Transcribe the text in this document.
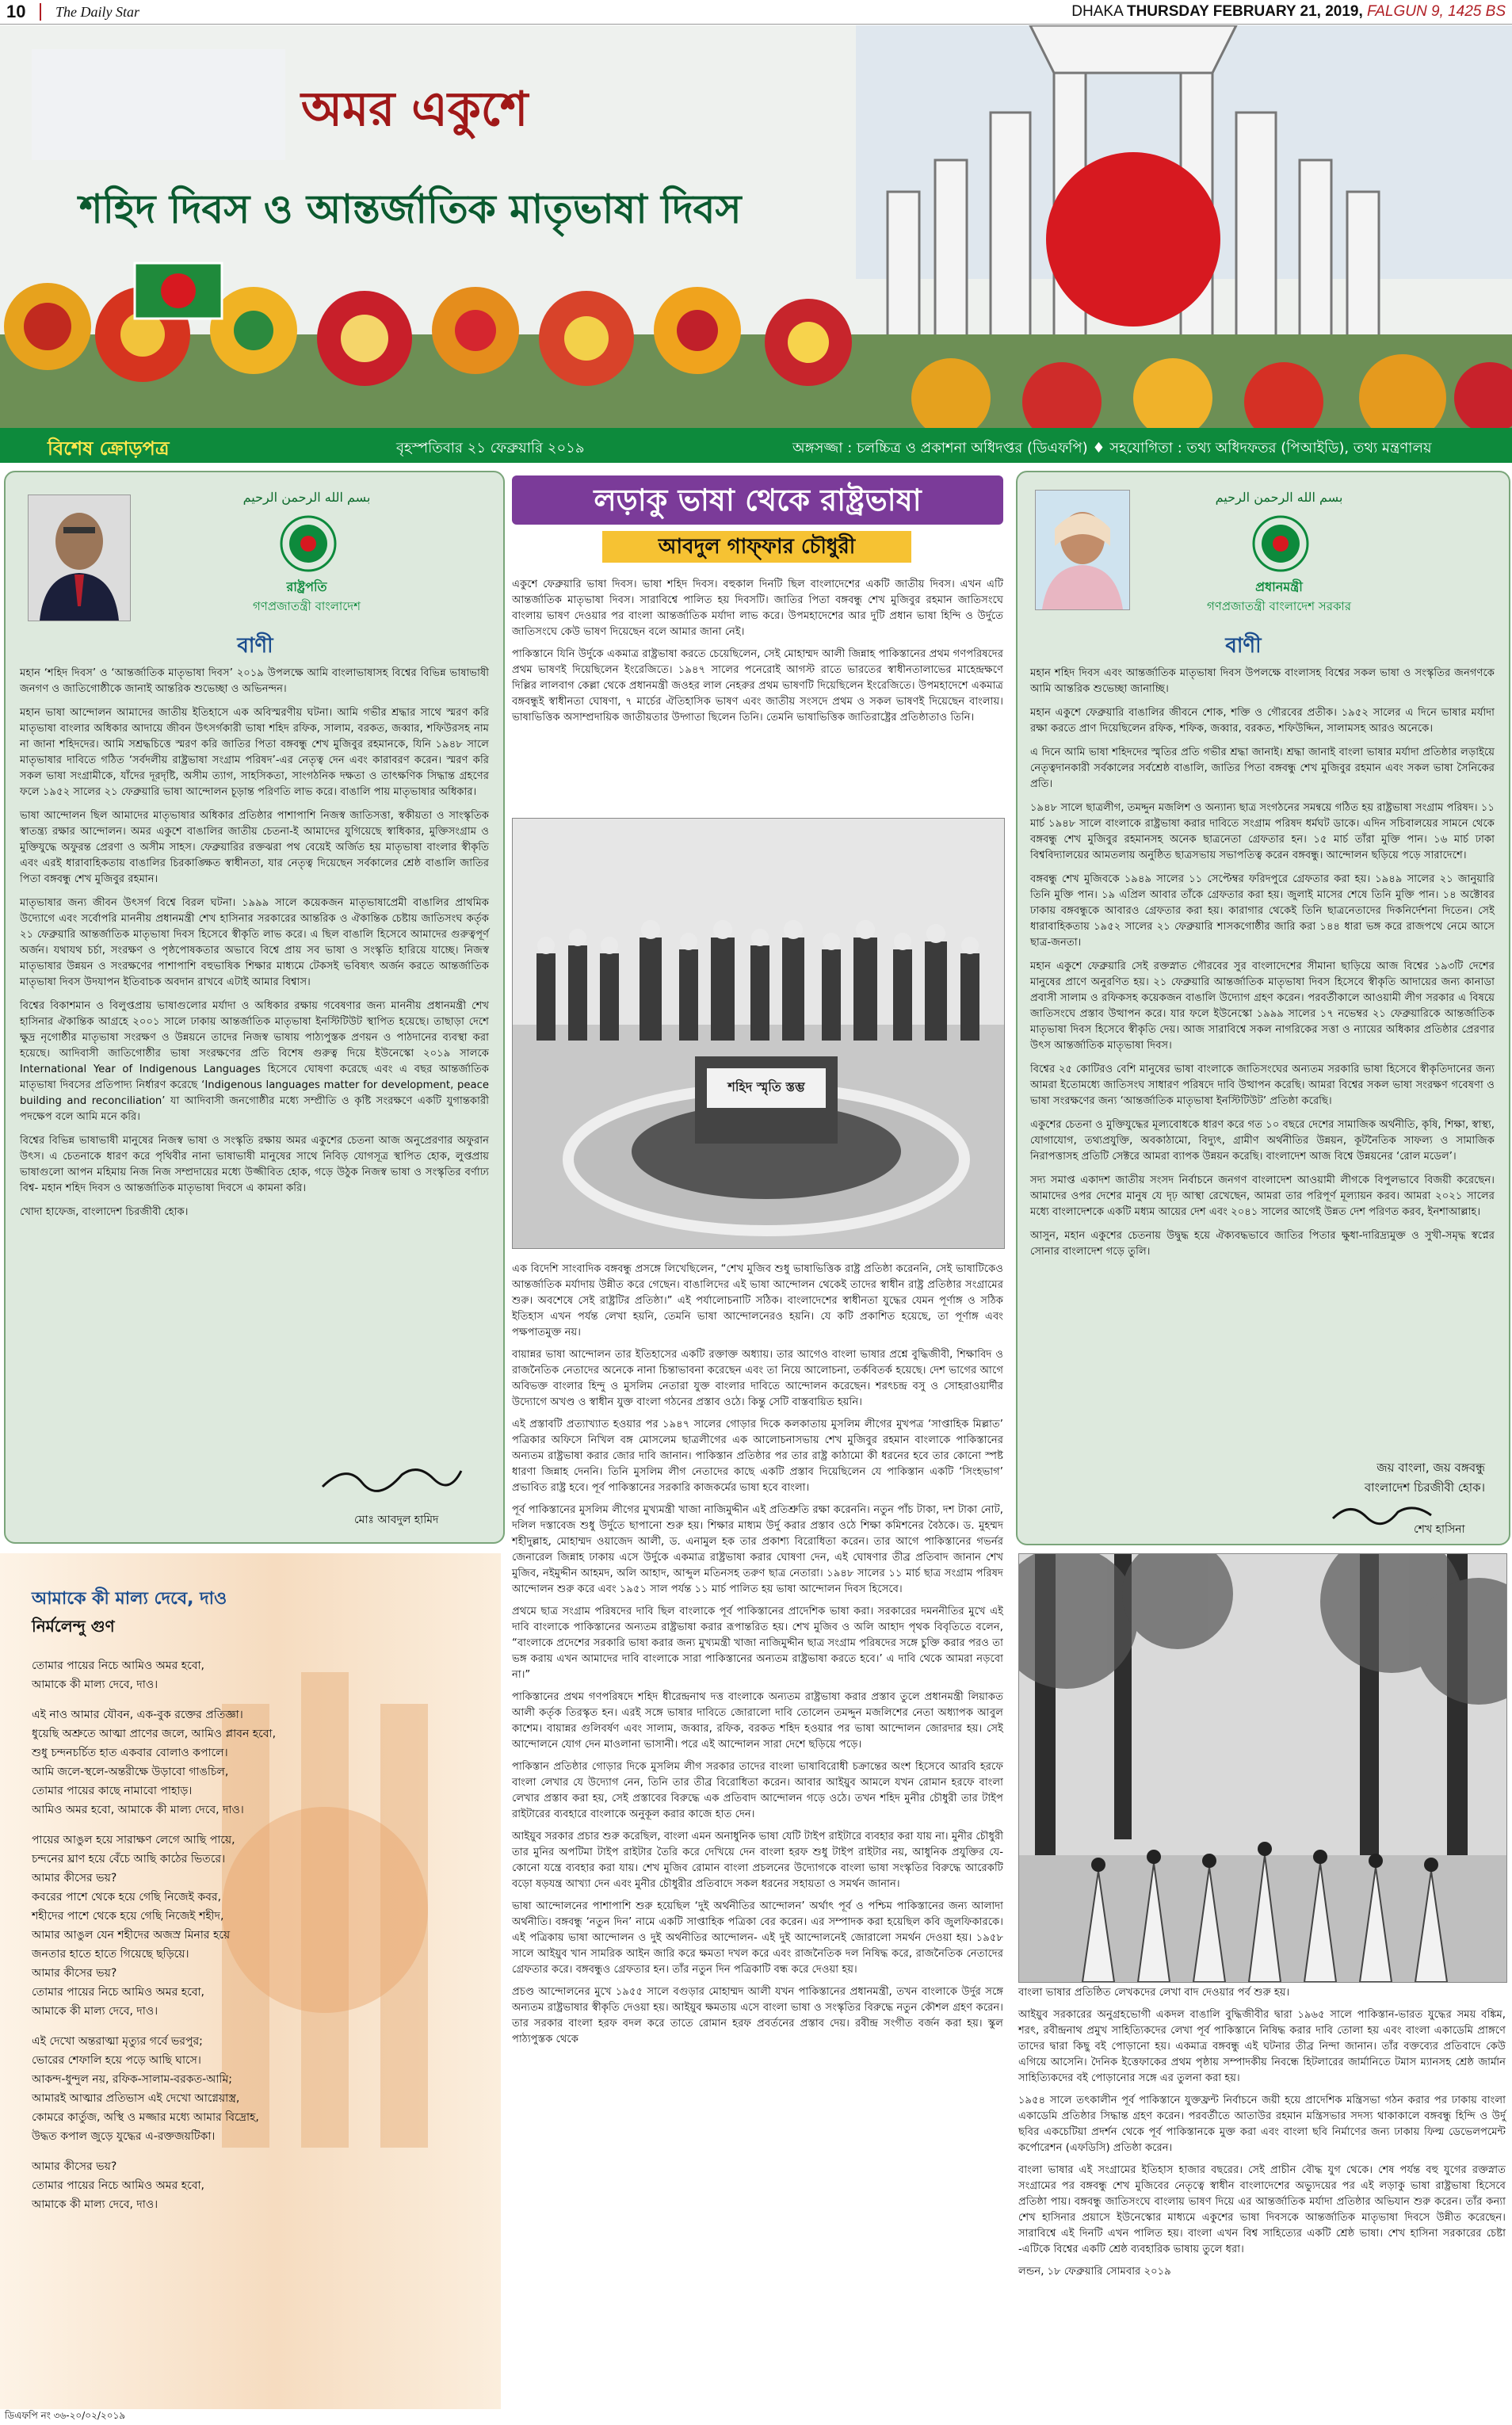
10 The Daily Star	DHAKA THURSDAY FEBRUARY 21, 2019, FALGUN 9, 1425 BS
অমর একুশে
শহিদ দিবস ও আন্তর্জাতিক মাতৃভাষা দিবস
বিশেষ ক্রোড়পত্র	বৃহস্পতিবার ২১ ফেব্রুয়ারি ২০১৯	অঙ্গসজ্জা : চলচ্চিত্র ও প্রকাশনা অধিদপ্তর (ডিএফপি) ♦ সহযোগিতা : তথ্য অধিদফতর (পিআইডি), তথ্য মন্ত্রণালয়
بسم الله الرحمن الرحيم
রাষ্ট্রপতি
গণপ্রজাতন্ত্রী বাংলাদেশ
বাণী

মহান ‘শহিদ দিবস’ ও ‘আন্তর্জাতিক মাতৃভাষা দিবস’ ২০১৯ উপলক্ষে আমি বাংলাভাষাসহ বিশ্বের বিভিন্ন ভাষাভাষী জনগণ ও জাতিগোষ্ঠীকে জানাই আন্তরিক শুভেচ্ছা ও অভিনন্দন।

মহান ভাষা আন্দোলন আমাদের জাতীয় ইতিহাসে এক অবিস্মরণীয় ঘটনা। আমি গভীর শ্রদ্ধার সাথে স্মরণ করি মাতৃভাষা বাংলার অধিকার আদায়ে জীবন উৎসর্গকারী ভাষা শহিদ রফিক, সালাম, বরকত, জব্বার, শফিউরসহ নাম না জানা শহিদদের। আমি সশ্রদ্ধচিত্তে স্মরণ করি জাতির পিতা বঙ্গবন্ধু শেখ মুজিবুর রহমানকে, যিনি ১৯৪৮ সালে মাতৃভাষার দাবিতে গঠিত ‘সর্বদলীয় রাষ্ট্রভাষা সংগ্রাম পরিষদ’-এর নেতৃত্ব দেন এবং কারাবরণ করেন। স্মরণ করি সকল ভাষা সংগ্রামীকে, যাঁদের দূরদৃষ্টি, অসীম ত্যাগ, সাহসিকতা, সাংগঠনিক দক্ষতা ও তাৎক্ষণিক সিদ্ধান্ত গ্রহণের ফলে ১৯৫২ সালের ২১ ফেব্রুয়ারি ভাষা আন্দোলন চূড়ান্ত পরিণতি লাভ করে। বাঙালি পায় মাতৃভাষার অধিকার।

ভাষা আন্দোলন ছিল আমাদের মাতৃভাষার অধিকার প্রতিষ্ঠার পাশাপাশি নিজস্ব জাতিসত্তা, স্বকীয়তা ও সাংস্কৃতিক স্বাতন্ত্র্য রক্ষার আন্দোলন। অমর একুশে বাঙালির জাতীয় চেতনা-ই আমাদের যুগিয়েছে স্বাধিকার, মুক্তিসংগ্রাম ও মুক্তিযুদ্ধে অফুরন্ত প্রেরণা ও অসীম সাহস। ফেব্রুয়ারির রক্তঝরা পথ বেয়েই অর্জিত হয় মাতৃভাষা বাংলার স্বীকৃতি এবং এরই ধারাবাহিকতায় বাঙালির চিরকাঙ্ক্ষিত স্বাধীনতা, যার নেতৃত্ব দিয়েছেন সর্বকালের শ্রেষ্ঠ বাঙালি জাতির পিতা বঙ্গবন্ধু শেখ মুজিবুর রহমান।

মাতৃভাষার জন্য জীবন উৎসর্গ বিশ্বে বিরল ঘটনা। ১৯৯৯ সালে কয়েকজন মাতৃভাষাপ্রেমী বাঙালির প্রাথমিক উদ্যোগে এবং সর্বোপরি মাননীয় প্রধানমন্ত্রী শেখ হাসিনার সরকারের আন্তরিক ও ঐকান্তিক চেষ্টায় জাতিসংঘ কর্তৃক ২১ ফেব্রুয়ারি আন্তর্জাতিক মাতৃভাষা দিবস হিসেবে স্বীকৃতি লাভ করে। এ ছিল বাঙালি হিসেবে আমাদের গুরুত্বপূর্ণ অর্জন। যথাযথ চর্চা, সংরক্ষণ ও পৃষ্ঠপোষকতার অভাবে বিশ্বে প্রায় সব ভাষা ও সংস্কৃতি হারিয়ে যাচ্ছে। নিজস্ব মাতৃভাষার উন্নয়ন ও সংরক্ষণের পাশাপাশি বহুভাষিক শিক্ষার মাধ্যমে টেকসই ভবিষ্যৎ অর্জন করতে আন্তর্জাতিক মাতৃভাষা দিবস উদযাপন ইতিবাচক অবদান রাখবে এটাই আমার বিশ্বাস।

বিশ্বের বিকাশমান ও বিলুপ্তপ্রায় ভাষাগুলোর মর্যাদা ও অধিকার রক্ষায় গবেষণার জন্য মাননীয় প্রধানমন্ত্রী শেখ হাসিনার ঐকান্তিক আগ্রহে ২০০১ সালে ঢাকায় আন্তর্জাতিক মাতৃভাষা ইনস্টিটিউট স্থাপিত হয়েছে। তাছাড়া দেশে ক্ষুদ্র নৃগোষ্ঠীর মাতৃভাষা সংরক্ষণ ও উন্নয়নে তাদের নিজস্ব ভাষায় পাঠ্যপুস্তক প্রণয়ন ও পাঠদানের ব্যবস্থা করা হয়েছে। আদিবাসী জাতিগোষ্ঠীর ভাষা সংরক্ষণের প্রতি বিশেষ গুরুত্ব দিয়ে ইউনেস্কো ২০১৯ সালকে International Year of Indigenous Languages হিসেবে ঘোষণা করেছে এবং এ বছর আন্তর্জাতিক মাতৃভাষা দিবসের প্রতিপাদ্য নির্ধারণ করেছে ‘Indigenous languages matter for development, peace building and reconciliation’ যা আদিবাসী জনগোষ্ঠীর মধ্যে সম্প্রীতি ও কৃষ্টি সংরক্ষণে একটি যুগান্তকারী পদক্ষেপ বলে আমি মনে করি।

বিশ্বের বিভিন্ন ভাষাভাষী মানুষের নিজস্ব ভাষা ও সংস্কৃতি রক্ষায় অমর একুশের চেতনা আজ অনুপ্রেরণার অফুরান উৎস। এ চেতনাকে ধারণ করে পৃথিবীর নানা ভাষাভাষী মানুষের সাথে নিবিড় যোগসূত্র স্থাপিত হোক, লুপ্তপ্রায় ভাষাগুলো আপন মহিমায় নিজ নিজ সম্প্রদায়ের মধ্যে উজ্জীবিত হোক, গড়ে উঠুক নিজস্ব ভাষা ও সংস্কৃতির বর্ণাঢ্য বিশ্ব- মহান শহিদ দিবস ও আন্তর্জাতিক মাতৃভাষা দিবসে এ কামনা করি।

খোদা হাফেজ, বাংলাদেশ চিরজীবী হোক।

মোঃ আবদুল হামিদ
লড়াকু ভাষা থেকে রাষ্ট্রভাষা
আবদুল গাফ্‌ফার চৌধুরী

একুশে ফেব্রুয়ারি ভাষা দিবস। ভাষা শহিদ দিবস। বহুকাল দিনটি ছিল বাংলাদেশের একটি জাতীয় দিবস। এখন এটি আন্তর্জাতিক মাতৃভাষা দিবস। সারাবিশ্বে পালিত হয় দিবসটি। জাতির পিতা বঙ্গবন্ধু শেখ মুজিবুর রহমান জাতিসংঘে বাংলায় ভাষণ দেওয়ার পর বাংলা আন্তর্জাতিক মর্যাদা লাভ করে। উপমহাদেশের আর দুটি প্রধান ভাষা হিন্দি ও উর্দুতে জাতিসংঘে কেউ ভাষণ দিয়েছেন বলে আমার জানা নেই।

পাকিস্তানে যিনি উর্দুকে একমাত্র রাষ্ট্রভাষা করতে চেয়েছিলেন, সেই মোহাম্মদ আলী জিন্নাহ পাকিস্তানের প্রথম গণপরিষদের প্রথম ভাষণই দিয়েছিলেন ইংরেজিতে। ১৯৪৭ সালের পনেরোই আগস্ট রাতে ভারতের স্বাধীনতালাভের মাহেন্দ্রক্ষণে দিল্লির লালবাগ কেল্লা থেকে প্রধানমন্ত্রী জওহর লাল নেহরুর প্রথম ভাষণটি দিয়েছিলেন ইংরেজিতে। উপমহাদেশে একমাত্র বঙ্গবন্ধুই স্বাধীনতা ঘোষণা, ৭ মার্চের ঐতিহাসিক ভাষণ এবং জাতীয় সংসদে প্রথম ও সকল ভাষণই দিয়েছেন বাংলায়। ভাষাভিত্তিক অসাম্প্রদায়িক জাতীয়তার উদ্গাতা ছিলেন তিনি। তেমনি ভাষাভিত্তিক জাতিরাষ্ট্রের প্রতিষ্ঠাতাও তিনি।

শহিদ স্মৃতি স্তম্ভ

এক বিদেশি সাংবাদিক বঙ্গবন্ধু প্রসঙ্গে লিখেছিলেন, “শেখ মুজিব শুধু ভাষাভিত্তিক রাষ্ট্র প্রতিষ্ঠা করেননি, সেই ভাষাটিকেও আন্তর্জাতিক মর্যাদায় উন্নীত করে গেছেন। বাঙালিদের এই ভাষা আন্দোলন থেকেই তাদের স্বাধীন রাষ্ট্র প্রতিষ্ঠার সংগ্রামের শুরু। অবশেষে সেই রাষ্ট্রটির প্রতিষ্ঠা।” এই পর্যালোচনাটি সঠিক। বাংলাদেশের স্বাধীনতা যুদ্ধের যেমন পূর্ণাঙ্গ ও সঠিক ইতিহাস এখন পর্যন্ত লেখা হয়নি, তেমনি ভাষা আন্দোলনেরও হয়নি। যে কটি প্রকাশিত হয়েছে, তা পূর্ণাঙ্গ এবং পক্ষপাতমুক্ত নয়।

বায়ান্নর ভাষা আন্দোলন তার ইতিহাসের একটি রক্তাক্ত অধ্যায়। তার আগেও বাংলা ভাষার প্রশ্নে বুদ্ধিজীবী, শিক্ষাবিদ ও রাজনৈতিক নেতাদের অনেকে নানা চিন্তাভাবনা করেছেন এবং তা নিয়ে আলোচনা, তর্কবিতর্ক হয়েছে। দেশ ভাগের আগে অবিভক্ত বাংলার হিন্দু ও মুসলিম নেতারা যুক্ত বাংলার দাবিতে আন্দোলন করেছেন। শরৎচন্দ্র বসু ও সোহরাওয়ার্দীর উদ্যোগে অখণ্ড ও স্বাধীন যুক্ত বাংলা গঠনের প্রস্তাব ওঠে। কিন্তু সেটি বাস্তবায়িত হয়নি।

এই প্রস্তাবটি প্রত্যাখ্যাত হওয়ার পর ১৯৪৭ সালের গোড়ার দিকে কলকাতায় মুসলিম লীগের মুখপত্র ‘সাপ্তাহিক মিল্লাত’ পত্রিকার অফিসে নিখিল বঙ্গ মোসলেম ছাত্রলীগের এক আলোচনাসভায় শেখ মুজিবুর রহমান বাংলাকে পাকিস্তানের অন্যতম রাষ্ট্রভাষা করার জোর দাবি জানান। পাকিস্তান প্রতিষ্ঠার পর তার রাষ্ট্র কাঠামো কী ধরনের হবে তার কোনো স্পষ্ট ধারণা জিন্নাহ দেননি। তিনি মুসলিম লীগ নেতাদের কাছে একটি প্রস্তাব দিয়েছিলেন যে পাকিস্তান একটি ‘সিংহভাগ’ প্রভাবিত রাষ্ট্র হবে। পূর্ব পাকিস্তানের সরকারি কাজকর্মের ভাষা হবে বাংলা।

পূর্ব পাকিস্তানের মুসলিম লীগের মুখ্যমন্ত্রী খাজা নাজিমুদ্দীন এই প্রতিশ্রুতি রক্ষা করেননি। নতুন পাঁচ টাকা, দশ টাকা নোট, দলিল দস্তাবেজ শুধু উর্দুতে ছাপানো শুরু হয়। শিক্ষার মাধ্যম উর্দু করার প্রস্তাব ওঠে শিক্ষা কমিশনের বৈঠকে। ড. মুহম্মদ শহীদুল্লাহ, মোহাম্মদ ওয়াজেদ আলী, ড. এনামুল হক তার প্রকাশ্য বিরোধিতা করেন। তার আগে পাকিস্তানের গভর্নর জেনারেল জিন্নাহ ঢাকায় এসে উর্দুকে একমাত্র রাষ্ট্রভাষা করার ঘোষণা দেন, এই ঘোষণার তীব্র প্রতিবাদ জানান শেখ মুজিব, নইমুদ্দীন আহমদ, অলি আহাদ, আব্দুল মতিনসহ তরুণ ছাত্র নেতারা। ১৯৪৮ সালের ১১ মার্চ ছাত্র সংগ্রাম পরিষদ আন্দোলন শুরু করে এবং ১৯৫১ সাল পর্যন্ত ১১ মার্চ পালিত হয় ভাষা আন্দোলন দিবস হিসেবে।

প্রথমে ছাত্র সংগ্রাম পরিষদের দাবি ছিল বাংলাকে পূর্ব পাকিস্তানের প্রাদেশিক ভাষা করা। সরকারের দমননীতির মুখে এই দাবি বাংলাকে পাকিস্তানের অন্যতম রাষ্ট্রভাষা করার রূপান্তরিত হয়। শেখ মুজিব ও অলি আহাদ পৃথক বিবৃতিতে বলেন, “বাংলাকে প্রদেশের সরকারি ভাষা করার জন্য মুখ্যমন্ত্রী খাজা নাজিমুদ্দীন ছাত্র সংগ্রাম পরিষদের সঙ্গে চুক্তি করার পরও তা ভঙ্গ করায় এখন আমাদের দাবি বাংলাকে সারা পাকিস্তানের অন্যতম রাষ্ট্রভাষা করতে হবে।’ এ দাবি থেকে আমরা নড়বো না।”

পাকিস্তানের প্রথম গণপরিষদে শহিদ ধীরেন্দ্রনাথ দত্ত বাংলাকে অন্যতম রাষ্ট্রভাষা করার প্রস্তাব তুলে প্রধানমন্ত্রী লিয়াকত আলী কর্তৃক তিরস্কৃত হন। এরই সঙ্গে ভাষার দাবিতে জোরালো দাবি তোলেন তমদ্দুন মজলিশের নেতা অধ্যাপক আবুল কাশেম। বায়ান্নর গুলিবর্ষণ এবং সালাম, জব্বার, রফিক, বরকত শহিদ হওয়ার পর ভাষা আন্দোলন জোরদার হয়। সেই আন্দোলনে যোগ দেন মাওলানা ভাসানী। পরে এই আন্দোলন সারা দেশে ছড়িয়ে পড়ে।

পাকিস্তান প্রতিষ্ঠার গোড়ার দিকে মুসলিম লীগ সরকার তাদের বাংলা ভাষাবিরোধী চক্রান্তের অংশ হিসেবে আরবি হরফে বাংলা লেখার যে উদ্যোগ নেন, তিনি তার তীব্র বিরোধিতা করেন। আবার আইয়ুব আমলে যখন রোমান হরফে বাংলা লেখার প্রস্তাব করা হয়, সেই প্রস্তাবের বিরুদ্ধে এক প্রতিবাদ আন্দোলন গড়ে ওঠে। তখন শহিদ মুনীর চৌধুরী তার টাইপ রাইটারের ব্যবহারে বাংলাকে অনুকূল করার কাজে হাত দেন।

আইয়ুব সরকার প্রচার শুরু করেছিল, বাংলা এমন অনাধুনিক ভাষা যেটি টাইপ রাইটারে ব্যবহার করা যায় না। মুনীর চৌধুরী তার মুনির অপটিমা টাইপ রাইটার তৈরি করে দেখিয়ে দেন বাংলা হরফ শুধু টাইপ রাইটার নয়, আধুনিক প্রযুক্তির যে-কোনো যন্ত্রে ব্যবহার করা যায়। শেখ মুজিব রোমান বাংলা প্রচলনের উদ্যোগকে বাংলা ভাষা সংস্কৃতির বিরুদ্ধে আরেকটি বড়ো ষড়যন্ত্র আখ্যা দেন এবং মুনীর চৌধুরীর প্রতিবাদে সকল ধরনের সহায়তা ও সমর্থন জানান।

ভাষা আন্দোলনের পাশাপাশি শুরু হয়েছিল ‘দুই অর্থনীতির আন্দোলন’ অর্থাৎ পূর্ব ও পশ্চিম পাকিস্তানের জন্য আলাদা অর্থনীতি। বঙ্গবন্ধু ‘নতুন দিন’ নামে একটি সাপ্তাহিক পত্রিকা বের করেন। এর সম্পাদক করা হয়েছিল কবি জুলফিকারকে। এই পত্রিকায় ভাষা আন্দোলন ও দুই অর্থনীতির আন্দোলন- এই দুই আন্দোলনেই জোরালো সমর্থন দেওয়া হয়। ১৯৫৮ সালে আইয়ুব খান সামরিক আইন জারি করে ক্ষমতা দখল করে এবং রাজনৈতিক দল নিষিদ্ধ করে, রাজনৈতিক নেতাদের গ্রেফতার করে। বঙ্গবন্ধুও গ্রেফতার হন। তাঁর নতুন দিন পত্রিকাটি বন্ধ করে দেওয়া হয়।

প্রচণ্ড আন্দোলনের মুখে ১৯৫৫ সালে বগুড়ার মোহাম্মদ আলী যখন পাকিস্তানের প্রধানমন্ত্রী, তখন বাংলাকে উর্দুর সঙ্গে অন্যতম রাষ্ট্রভাষার স্বীকৃতি দেওয়া হয়। আইয়ুব ক্ষমতায় এসে বাংলা ভাষা ও সংস্কৃতির বিরুদ্ধে নতুন কৌশল গ্রহণ করেন। তার সরকার বাংলা হরফ বদল করে তাতে রোমান হরফ প্রবর্তনের প্রস্তাব দেয়। রবীন্দ্র সংগীত বর্জন করা হয়। স্কুল পাঠ্যপুস্তক থেকে

بسم الله الرحمن الرحيم
প্রধানমন্ত্রী
গণপ্রজাতন্ত্রী বাংলাদেশ সরকার
বাণী

মহান শহিদ দিবস এবং আন্তর্জাতিক মাতৃভাষা দিবস উপলক্ষে বাংলাসহ বিশ্বের সকল ভাষা ও সংস্কৃতির জনগণকে আমি আন্তরিক শুভেচ্ছা জানাচ্ছি।

মহান একুশে ফেব্রুয়ারি বাঙালির জীবনে শোক, শক্তি ও গৌরবের প্রতীক। ১৯৫২ সালের এ দিনে ভাষার মর্যাদা রক্ষা করতে প্রাণ দিয়েছিলেন রফিক, শফিক, জব্বার, বরকত, শফিউদ্দিন, সালামসহ আরও অনেকে।

এ দিনে আমি ভাষা শহিদদের স্মৃতির প্রতি গভীর শ্রদ্ধা জানাই। শ্রদ্ধা জানাই বাংলা ভাষার মর্যাদা প্রতিষ্ঠার লড়াইয়ে নেতৃত্বদানকারী সর্বকালের সর্বশ্রেষ্ঠ বাঙালি, জাতির পিতা বঙ্গবন্ধু শেখ মুজিবুর রহমান এবং সকল ভাষা সৈনিকের প্রতি।

১৯৪৮ সালে ছাত্রলীগ, তমদ্দুন মজলিশ ও অন্যান্য ছাত্র সংগঠনের সমন্বয়ে গঠিত হয় রাষ্ট্রভাষা সংগ্রাম পরিষদ। ১১ মার্চ ১৯৪৮ সালে বাংলাকে রাষ্ট্রভাষা করার দাবিতে সংগ্রাম পরিষদ ধর্মঘট ডাকে। এদিন সচিবালয়ের সামনে থেকে বঙ্গবন্ধু শেখ মুজিবুর রহমানসহ অনেক ছাত্রনেতা গ্রেফতার হন। ১৫ মার্চ তাঁরা মুক্তি পান। ১৬ মার্চ ঢাকা বিশ্ববিদ্যালয়ের আমতলায় অনুষ্ঠিত ছাত্রসভায় সভাপতিত্ব করেন বঙ্গবন্ধু। আন্দোলন ছড়িয়ে পড়ে সারাদেশে।

বঙ্গবন্ধু শেখ মুজিবকে ১৯৪৯ সালের ১১ সেপ্টেম্বর ফরিদপুরে গ্রেফতার করা হয়। ১৯৪৯ সালের ২১ জানুয়ারি তিনি মুক্তি পান। ১৯ এপ্রিল আবার তাঁকে গ্রেফতার করা হয়। জুলাই মাসের শেষে তিনি মুক্তি পান। ১৪ অক্টোবর ঢাকায় বঙ্গবন্ধুকে আবারও গ্রেফতার করা হয়। কারাগার থেকেই তিনি ছাত্রনেতাদের দিকনির্দেশনা দিতেন। সেই ধারাবাহিকতায় ১৯৫২ সালের ২১ ফেব্রুয়ারি শাসকগোষ্ঠীর জারি করা ১৪৪ ধারা ভঙ্গ করে রাজপথে নেমে আসে ছাত্র-জনতা।

মহান একুশে ফেব্রুয়ারি সেই রক্তস্নাত গৌরবের সুর বাংলাদেশের সীমানা ছাড়িয়ে আজ বিশ্বের ১৯৩টি দেশের মানুষের প্রাণে অনুরণিত হয়। ২১ ফেব্রুয়ারি আন্তর্জাতিক মাতৃভাষা দিবস হিসেবে স্বীকৃতি আদায়ের জন্য কানাডা প্রবাসী সালাম ও রফিকসহ কয়েকজন বাঙালি উদ্যোগ গ্রহণ করেন। পরবর্তীকালে আওয়ামী লীগ সরকার এ বিষয়ে জাতিসংঘে প্রস্তাব উত্থাপন করে। যার ফলে ইউনেস্কো ১৯৯৯ সালের ১৭ নভেম্বর ২১ ফেব্রুয়ারিকে আন্তর্জাতিক মাতৃভাষা দিবস হিসেবে স্বীকৃতি দেয়। আজ সারাবিশ্বে সকল নাগরিকের সত্তা ও ন্যায়ের অধিকার প্রতিষ্ঠার প্রেরণার উৎস আন্তর্জাতিক মাতৃভাষা দিবস।

বিশ্বের ২৫ কোটিরও বেশি মানুষের ভাষা বাংলাকে জাতিসংঘের অন্যতম সরকারি ভাষা হিসেবে স্বীকৃতিদানের জন্য আমরা ইতোমধ্যে জাতিসংঘ সাধারণ পরিষদে দাবি উত্থাপন করেছি। আমরা বিশ্বের সকল ভাষা সংরক্ষণ গবেষণা ও ভাষা সংরক্ষণের জন্য ‘আন্তর্জাতিক মাতৃভাষা ইনস্টিটিউট’ প্রতিষ্ঠা করেছি।

একুশের চেতনা ও মুক্তিযুদ্ধের মূল্যবোধকে ধারণ করে গত ১০ বছরে দেশের সামাজিক অর্থনীতি, কৃষি, শিক্ষা, স্বাস্থ্য, যোগাযোগ, তথ্যপ্রযুক্তি, অবকাঠামো, বিদ্যুৎ, গ্রামীণ অর্থনীতির উন্নয়ন, কূটনৈতিক সাফল্য ও সামাজিক নিরাপত্তাসহ প্রতিটি সেক্টরে আমরা ব্যাপক উন্নয়ন করেছি। বাংলাদেশ আজ বিশ্বে উন্নয়নের ‘রোল মডেল’।

সদ্য সমাপ্ত একাদশ জাতীয় সংসদ নির্বাচনে জনগণ বাংলাদেশ আওয়ামী লীগকে বিপুলভাবে বিজয়ী করেছেন। আমাদের ওপর দেশের মানুষ যে দৃঢ় আস্থা রেখেছেন, আমরা তার পরিপূর্ণ মূল্যায়ন করব। আমরা ২০২১ সালের মধ্যে বাংলাদেশকে একটি মধ্যম আয়ের দেশ এবং ২০৪১ সালের আগেই উন্নত দেশ পরিণত করব, ইনশাআল্লাহ।

আসুন, মহান একুশের চেতনায় উদ্বুদ্ধ হয়ে ঐক্যবদ্ধভাবে জাতির পিতার ক্ষুধা-দারিদ্র্যমুক্ত ও সুখী-সমৃদ্ধ স্বপ্নের সোনার বাংলাদেশ গড়ে তুলি।

জয় বাংলা, জয় বঙ্গবন্ধু
বাংলাদেশ চিরজীবী হোক।
শেখ হাসিনা
আমাকে কী মাল্য দেবে, দাও
নির্মলেন্দু গুণ

তোমার পায়ের নিচে আমিও অমর হবো,
আমাকে কী মাল্য দেবে, দাও।

এই নাও আমার যৌবন, এক-বুক রক্তের প্রতিজ্ঞা।
ধুয়েছি অশ্রুতে আত্মা প্রাণের জলে, আমিও প্লাবন হবো,
শুধু চন্দনচর্চিত হাত একবার বোলাও কপালে।
আমি জলে-স্থলে-অন্তরীক্ষে উড়াবো গাঙচিল,
তোমার পায়ের কাছে নামাবো পাহাড়।
আমিও অমর হবো, আমাকে কী মাল্য দেবে, দাও।

পায়ের আঙুল হয়ে সারাক্ষণ লেগে আছি পায়ে,
চন্দনের ঘ্রাণ হয়ে বেঁচে আছি কাঠের ভিতরে।
আমার কীসের ভয়?
কবরের পাশে থেকে হয়ে গেছি নিজেই কবর,
শহীদের পাশে থেকে হয়ে গেছি নিজেই শহীদ,
আমার আঙুল যেন শহীদের অজস্র মিনার হয়ে
জনতার হাতে হাতে গিয়েছে ছড়িয়ে।
আমার কীসের ভয়?
তোমার পায়ের নিচে আমিও অমর হবো,
আমাকে কী মাল্য দেবে, দাও।

এই দেখো অন্তরাত্মা মৃত্যুর গর্বে ভরপুর;
ভোরের শেফালি হয়ে পড়ে আছি ঘাসে।
আকন্দ-ধুন্দুল নয়, রফিক-সালাম-বরকত-আমি;
আমারই আত্মার প্রতিভাস এই দেখো আগ্নেয়াস্ত্র,
কোমরে কার্তুজ, অস্থি ও মজ্জার মধ্যে আমার বিদ্রোহ,
উদ্ধত কপাল জুড়ে যুদ্ধের এ-রক্তজয়টিকা।

আমার কীসের ভয়?
তোমার পায়ের নিচে আমিও অমর হবো,
আমাকে কী মাল্য দেবে, দাও।

বাংলা ভাষার প্রতিষ্ঠিত লেখকদের লেখা বাদ দেওয়ার পর্ব শুরু হয়।

আইয়ুব সরকারের অনুগ্রহভোগী একদল বাঙালি বুদ্ধিজীবীর দ্বারা ১৯৬৫ সালে পাকিস্তান-ভারত যুদ্ধের সময় বঙ্কিম, শরৎ, রবীন্দ্রনাথ প্রমুখ সাহিত্যিকদের লেখা পূর্ব পাকিস্তানে নিষিদ্ধ করার দাবি তোলা হয় এবং বাংলা একাডেমি প্রাঙ্গণে তাদের দ্বারা কিছু বই পোড়ানো হয়। একমাত্র বঙ্গবন্ধু এই ঘটনার তীব্র নিন্দা জানান। তাঁর বক্তব্যের প্রতিবাদে কেউ এগিয়ে আসেনি। দৈনিক ইত্তেফাকের প্রথম পৃষ্ঠায় সম্পাদকীয় নিবন্ধে হিটলারের জার্মানিতে টমাস ম্যানসহ শ্রেষ্ঠ জার্মান সাহিত্যিকদের বই পোড়ানোর সঙ্গে এর তুলনা করা হয়।

১৯৫৪ সালে তৎকালীন পূর্ব পাকিস্তানে যুক্তফ্রন্ট নির্বাচনে জয়ী হয়ে প্রাদেশিক মন্ত্রিসভা গঠন করার পর ঢাকায় বাংলা একাডেমি প্রতিষ্ঠার সিদ্ধান্ত গ্রহণ করেন। পরবর্তীতে আতাউর রহমান মন্ত্রিসভার সদস্য থাকাকালে বঙ্গবন্ধু হিন্দি ও উর্দু ছবির একচেটিয়া প্রদর্শন থেকে পূর্ব পাকিস্তানকে মুক্ত করা এবং বাংলা ছবি নির্মাণের জন্য ঢাকায় ফিল্ম ডেভেলপমেন্ট কর্পোরেশন (এফডিসি) প্রতিষ্ঠা করেন।

বাংলা ভাষার এই সংগ্রামের ইতিহাস হাজার বছরের। সেই প্রাচীন বৌদ্ধ যুগ থেকে। শেষ পর্যন্ত বহু যুগের রক্তস্নাত সংগ্রামের পর বঙ্গবন্ধু শেখ মুজিবের নেতৃত্বে স্বাধীন বাংলাদেশের অভ্যুদয়ের পর এই লড়াকু ভাষা রাষ্ট্রভাষা হিসেবে প্রতিষ্ঠা পায়। বঙ্গবন্ধু জাতিসংঘে বাংলায় ভাষণ দিয়ে এর আন্তর্জাতিক মর্যাদা প্রতিষ্ঠার অভিযান শুরু করেন। তাঁর কন্যা শেখ হাসিনার প্রয়াসে ইউনেস্কোর মাধ্যমে একুশের ভাষা দিবসকে আন্তর্জাতিক মাতৃভাষা দিবসে উন্নীত করেছেন। সারাবিশ্বে এই দিনটি এখন পালিত হয়। বাংলা এখন বিশ্ব সাহিত্যের একটি শ্রেষ্ঠ ভাষা। শেখ হাসিনা সরকারের চেষ্টা -এটিকে বিশ্বের একটি শ্রেষ্ঠ ব্যবহারিক ভাষায় তুলে ধরা।

লন্ডন, ১৮ ফেব্রুয়ারি সোমবার ২০১৯

ডিএফপি নং ৩৬-২০/০২/২০১৯
